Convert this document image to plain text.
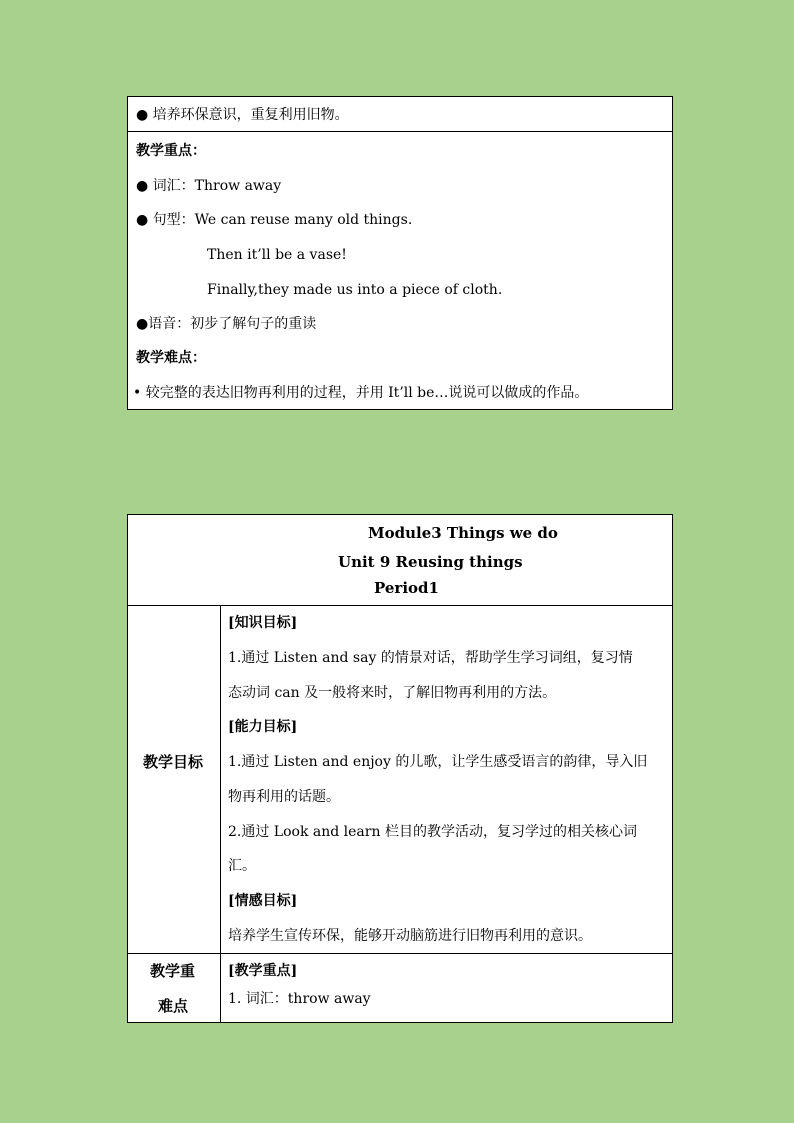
● 培养环保意识，重复利用旧物。
教学重点：
● 词汇：Throw away
● 句型：We can reuse many old things.
Then it’ll be a vase!
Finally,they made us into a piece of cloth.
●语音：初步了解句子的重读
教学难点：
• 较完整的表达旧物再利用的过程，并用 It’ll be…说说可以做成的作品。
Module3 Things we do
Unit 9 Reusing things
Period1
教学目标
[知识目标]
1.通过 Listen and say 的情景对话，帮助学生学习词组，复习情
态动词 can 及一般将来时，了解旧物再利用的方法。
[能力目标]
1.通过 Listen and enjoy 的儿歌，让学生感受语言的韵律，导入旧
物再利用的话题。
2.通过 Look and learn 栏目的教学活动，复习学过的相关核心词
汇。
[情感目标]
培养学生宣传环保，能够开动脑筋进行旧物再利用的意识。
教学重
难点
[教学重点]
1. 词汇：throw away
